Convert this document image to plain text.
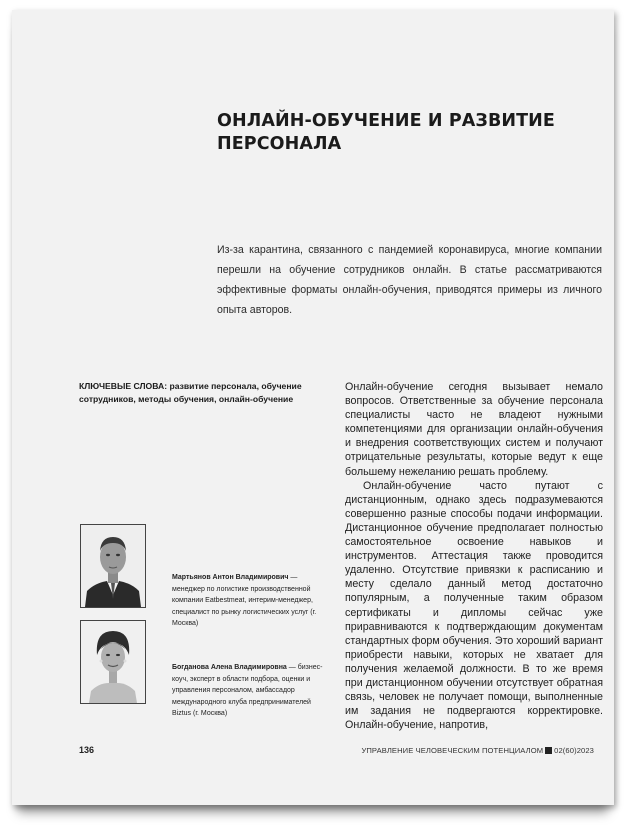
ОНЛАЙН-ОБУЧЕНИЕ И РАЗВИТИЕ ПЕРСОНАЛА

Из-за карантина, связанного с пандемией коронавируса, многие компании перешли на обучение сотрудников онлайн. В статье рассматриваются эффективные форматы онлайн-обучения, приводятся примеры из личного опыта авторов.

КЛЮЧЕВЫЕ СЛОВА: развитие персонала, обучение сотрудников, методы обучения, онлайн-обучение

Мартьянов Антон Владимирович — менеджер по логистике производственной компании Eatbestmeat, интерим-менеджер, специалист по рынку логистических услуг (г. Москва)

Богданова Алена Владимировна — бизнес-коуч, эксперт в области подбора, оценки и управления персоналом, амбассадор международного клуба предпринимателей Biztus (г. Москва)

Онлайн-обучение сегодня вызывает немало вопросов. Ответственные за обучение персонала специалисты часто не владеют нужными компетенциями для организации онлайн-обучения и внедрения соответствующих систем и получают отрицательные результаты, которые ведут к еще большему нежеланию решать проблему.

Онлайн-обучение часто путают с дистанционным, однако здесь подразумеваются совершенно разные способы подачи информации. Дистанционное обучение предполагает полностью самостоятельное освоение навыков и инструментов. Аттестация также проводится удаленно. Отсутствие привязки к расписанию и месту сделало данный метод достаточно популярным, а полученные таким образом сертификаты и дипломы сейчас уже приравниваются к подтверждающим документам стандартных форм обучения. Это хороший вариант приобрести навыки, которых не хватает для получения желаемой должности. В то же время при дистанционном обучении отсутствует обратная связь, человек не получает помощи, выполненные им задания не подвергаются корректировке. Онлайн-обучение, напротив,

136	УПРАВЛЕНИЕ ЧЕЛОВЕЧЕСКИМ ПОТЕНЦИАЛОМ 02(60)2023
